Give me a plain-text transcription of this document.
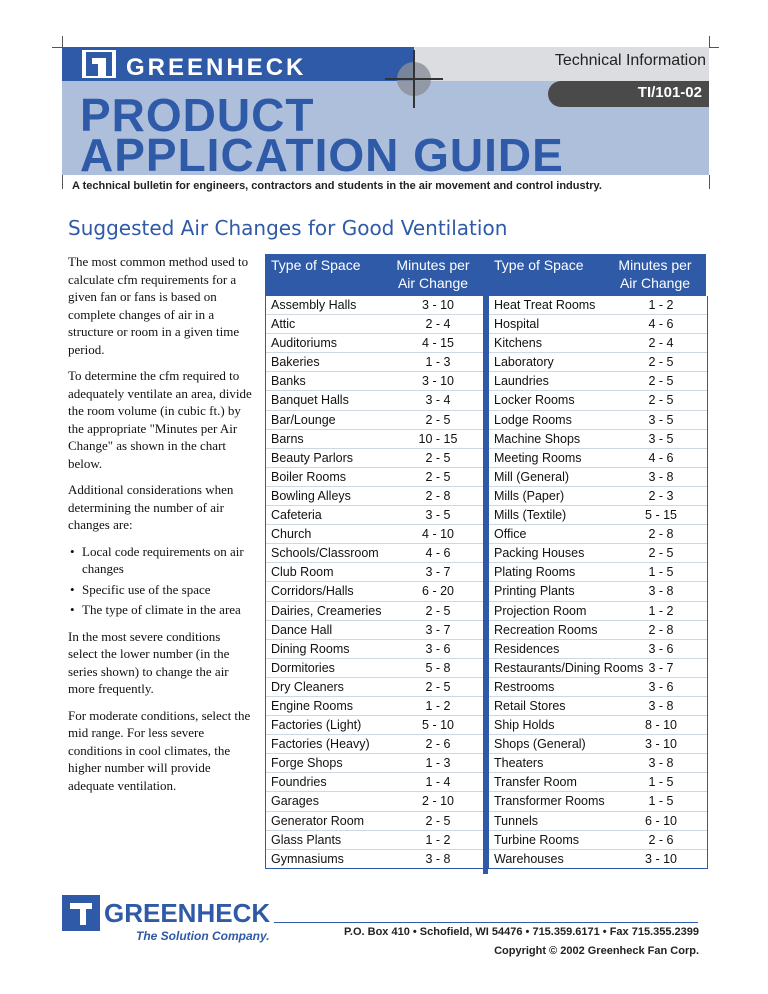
GREENHECK	Technical Information
TI/101-02
PRODUCT
APPLICATION GUIDE
A technical bulletin for engineers, contractors and students in the air movement and control industry.
Suggested Air Changes for Good Ventilation

The most common method used to calculate cfm requirements for a given fan or fans is based on complete changes of air in a structure or room in a given time period.

To determine the cfm required to adequately ventilate an area, divide the room volume (in cubic ft.) by the appropriate "Minutes per Air Change" as shown in the chart below.

Additional considerations when determining the number of air changes are:

• Local code requirements on air changes
• Specific use of the space
• The type of climate in the area

In the most severe conditions select the lower number (in the series shown) to change the air more frequently.

For moderate conditions, select the mid range. For less severe conditions in cool climates, the higher number will provide adequate ventilation.

Type of Space	Minutes per
Air Change
Type of Space	Minutes per
Air Change
Assembly Halls	3 - 10
Attic	2 - 4
Auditoriums	4 - 15
Bakeries	1 - 3
Banks	3 - 10
Banquet Halls	3 - 4
Bar/Lounge	2 - 5
Barns	10 - 15
Beauty Parlors	2 - 5
Boiler Rooms	2 - 5
Bowling Alleys	2 - 8
Cafeteria	3 - 5
Church	4 - 10
Schools/Classroom	4 - 6
Club Room	3 - 7
Corridors/Halls	6 - 20
Dairies, Creameries	2 - 5
Dance Hall	3 - 7
Dining Rooms	3 - 6
Dormitories	5 - 8
Dry Cleaners	2 - 5
Engine Rooms	1 - 2
Factories (Light)	5 - 10
Factories (Heavy)	2 - 6
Forge Shops	1 - 3
Foundries	1 - 4
Garages	2 - 10
Generator Room	2 - 5
Glass Plants	1 - 2
Gymnasiums	3 - 8
Heat Treat Rooms	1 - 2
Hospital	4 - 6
Kitchens	2 - 4
Laboratory	2 - 5
Laundries	2 - 5
Locker Rooms	2 - 5
Lodge Rooms	3 - 5
Machine Shops	3 - 5
Meeting Rooms	4 - 6
Mill (General)	3 - 8
Mills (Paper)	2 - 3
Mills (Textile)	5 - 15
Office	2 - 8
Packing Houses	2 - 5
Plating Rooms	1 - 5
Printing Plants	3 - 8
Projection Room	1 - 2
Recreation Rooms	2 - 8
Residences	3 - 6
Restaurants/Dining Rooms 3 - 7
Restrooms	3 - 6
Retail Stores	3 - 8
Ship Holds	8 - 10
Shops (General)	3 - 10
Theaters	3 - 8
Transfer Room	1 - 5
Transformer Rooms	1 - 5
Tunnels	6 - 10
Turbine Rooms	2 - 6
Warehouses	3 - 10
GREENHECK
The Solution Company.	P.O. Box 410 • Schofield, WI 54476 • 715.359.6171 • Fax 715.355.2399
Copyright © 2002 Greenheck Fan Corp.
